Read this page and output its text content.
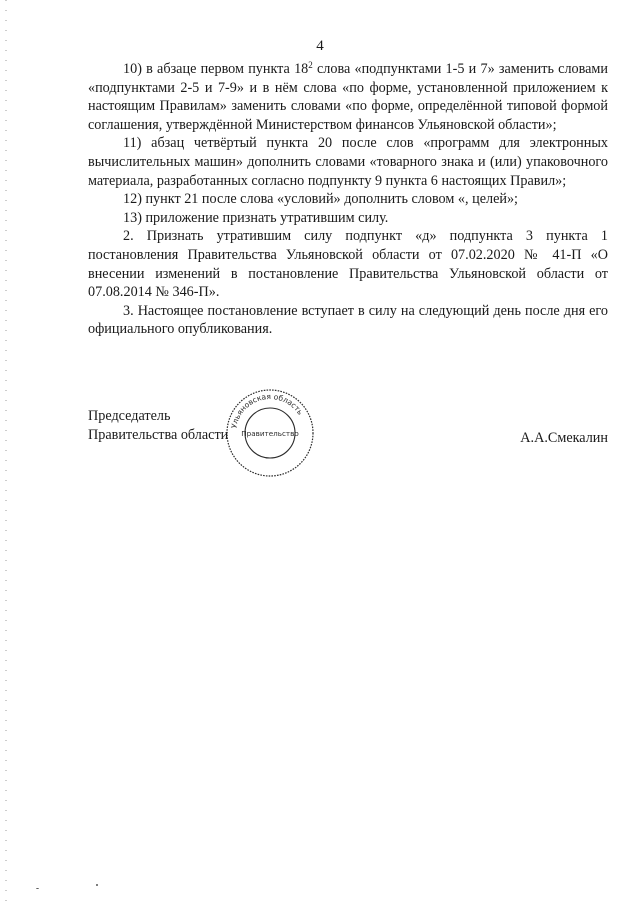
4

10) в абзаце первом пункта $18^2$ слова «подпунктами 1-5 и 7» заменить словами «подпунктами 2-5 и 7-9» и в нём слова «по форме, установленной приложением к настоящим Правилам» заменить словами «по форме, определённой типовой формой соглашения, утверждённой Министерством финансов Ульяновской области»;

11) абзац четвёртый пункта 20 после слов «программ для электронных вычислительных машин» дополнить словами «товарного знака и (или) упаковочного материала, разработанных согласно подпункту 9 пункта 6 настоящих Правил»;

12) пункт 21 после слова «условий» дополнить словом «, целей»;

13) приложение признать утратившим силу.

2. Признать утратившим силу подпункт «д» подпункта 3 пункта 1 постановления Правительства Ульяновской области от 07.02.2020 № 41-П «О внесении изменений в постановление Правительства Ульяновской области от 07.08.2014 № 346-П».

3. Настоящее постановление вступает в силу на следующий день после дня его официального опубликования.

Председатель
Правительства области	А.А.Смекалин
Ульяновская область
Правительство
